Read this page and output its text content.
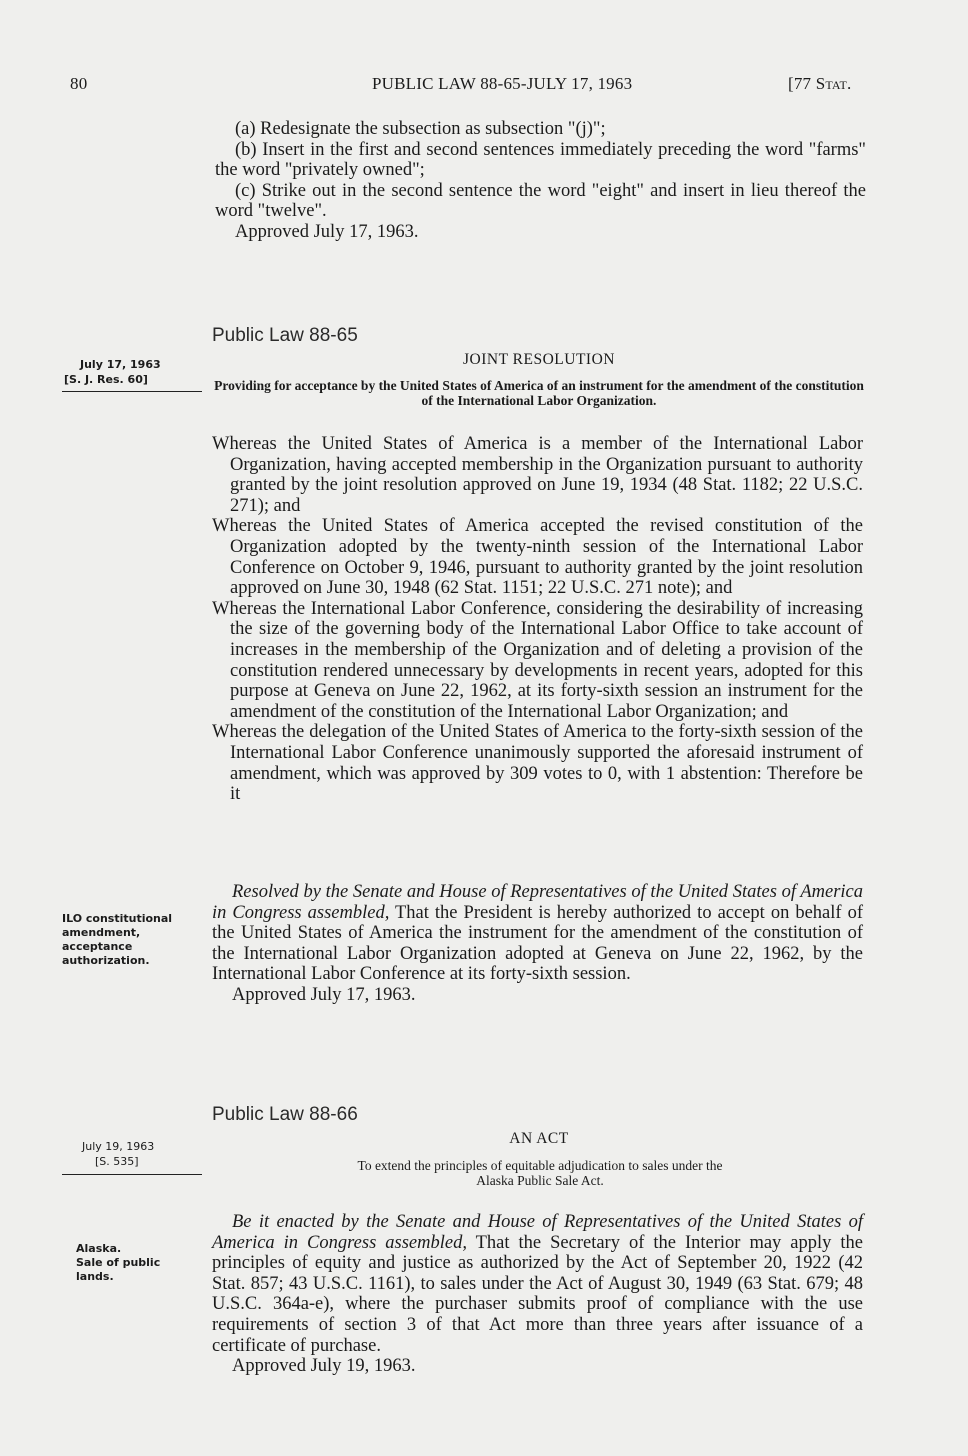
80	PUBLIC LAW 88-65-JULY 17, 1963	[77 Stat.
(a) Redesignate the subsection as subsection "(j)";
(b) Insert in the first and second sentences immediately preceding the word "farms" the word "privately owned";
(c) Strike out in the second sentence the word "eight" and insert in lieu thereof the word "twelve".
Approved July 17, 1963.
Public Law 88-65
July 17, 1963
[S. J. Res. 60]
JOINT RESOLUTION
Providing for acceptance by the United States of America of an instrument for the amendment of the constitution of the International Labor Organization.
Whereas the United States of America is a member of the International Labor Organization, having accepted membership in the Organization pursuant to authority granted by the joint resolution approved on June 19, 1934 (48 Stat. 1182; 22 U.S.C. 271); and
Whereas the United States of America accepted the revised constitution of the Organization adopted by the twenty-ninth session of the International Labor Conference on October 9, 1946, pursuant to authority granted by the joint resolution approved on June 30, 1948 (62 Stat. 1151; 22 U.S.C. 271 note); and
Whereas the International Labor Conference, considering the desirability of increasing the size of the governing body of the International Labor Office to take account of increases in the membership of the Organization and of deleting a provision of the constitution rendered unnecessary by developments in recent years, adopted for this purpose at Geneva on June 22, 1962, at its forty-sixth session an instrument for the amendment of the constitution of the International Labor Organization; and
Whereas the delegation of the United States of America to the forty-sixth session of the International Labor Conference unanimously supported the aforesaid instrument of amendment, which was approved by 309 votes to 0, with 1 abstention: Therefore be it
ILO constitutional amendment, acceptance authorization.
Resolved by the Senate and House of Representatives of the United States of America in Congress assembled, That the President is hereby authorized to accept on behalf of the United States of America the instrument for the amendment of the constitution of the International Labor Organization adopted at Geneva on June 22, 1962, by the International Labor Conference at its forty-sixth session.
Approved July 17, 1963.
Public Law 88-66
July 19, 1963
[S. 535]
AN ACT
To extend the principles of equitable adjudication to sales under the Alaska Public Sale Act.
Alaska.
Sale of public lands.
Be it enacted by the Senate and House of Representatives of the United States of America in Congress assembled, That the Secretary of the Interior may apply the principles of equity and justice as authorized by the Act of September 20, 1922 (42 Stat. 857; 43 U.S.C. 1161), to sales under the Act of August 30, 1949 (63 Stat. 679; 48 U.S.C. 364a-e), where the purchaser submits proof of compliance with the use requirements of section 3 of that Act more than three years after issuance of a certificate of purchase.
Approved July 19, 1963.
